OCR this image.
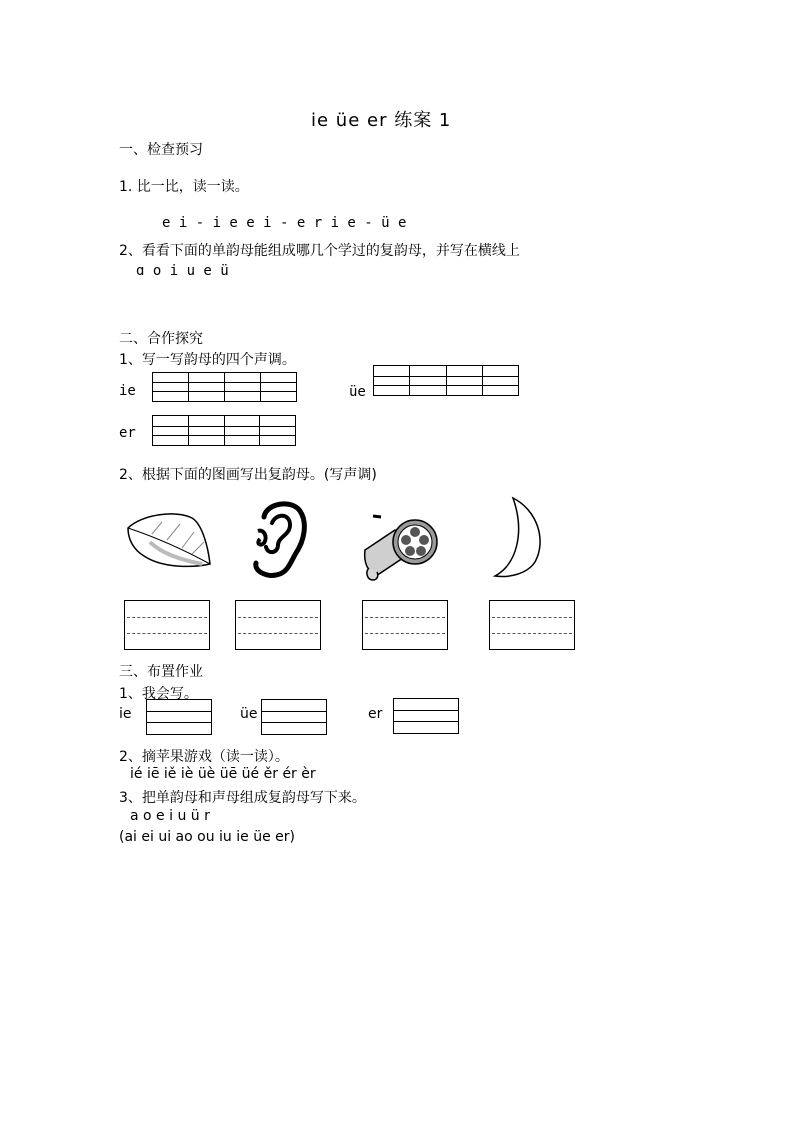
ie üe er 练案 1
一、检查预习
1. 比一比，读一读。
e i - i e e i - e r i e - ü e
2、看看下面的单韵母能组成哪几个学过的复韵母，并写在横线上
ɑ o i u e ü
二、合作探究
1、写一写韵母的四个声调。
ie	üe
er
2、根据下面的图画写出复韵母。(写声调)
三、布置作业
1、我会写。
ie	üe	er
2、摘苹果游戏（读一读）。
ié iē iě iè üè üē üé ěr ér èr
3、把单韵母和声母组成复韵母写下来。
a o e i u ü r
(ai ei ui ao ou iu ie üe er)
